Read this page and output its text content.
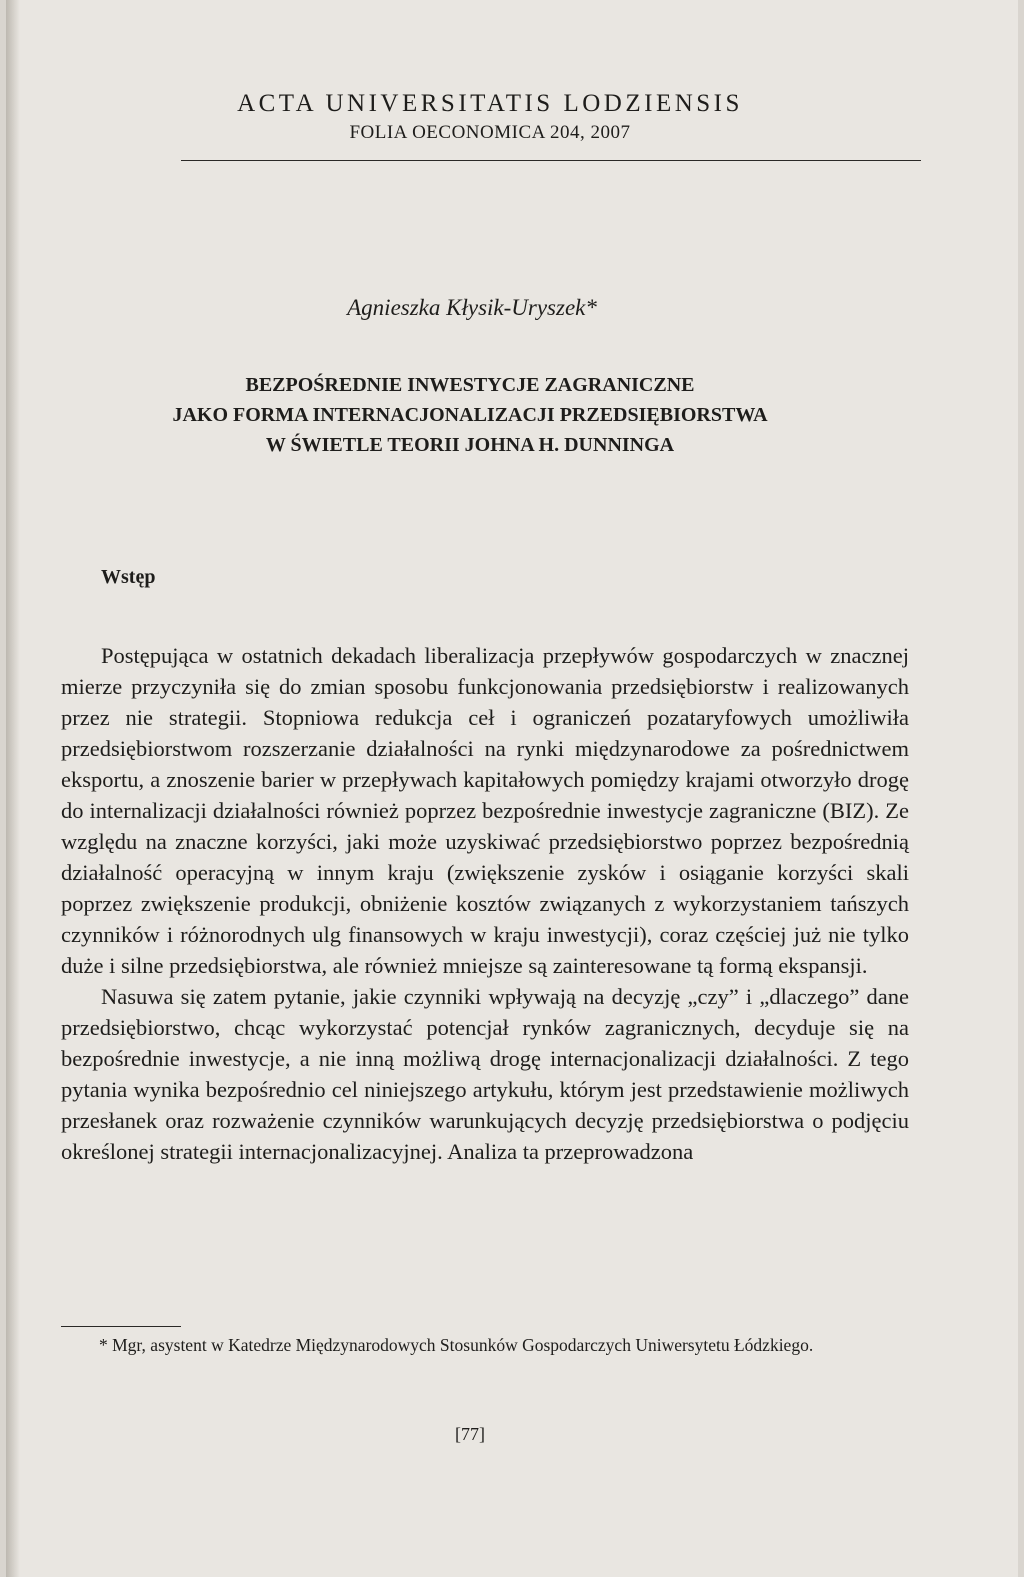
ACTA UNIVERSITATIS LODZIENSIS
FOLIA OECONOMICA 204, 2007
Agnieszka Kłysik-Uryszek*
BEZPOŚREDNIE INWESTYCJE ZAGRANICZNE
JAKO FORMA INTERNACJONALIZACJI PRZEDSIĘBIORSTWA
W ŚWIETLE TEORII JOHNA H. DUNNINGA
Wstęp

Postępująca w ostatnich dekadach liberalizacja przepływów gospodarczych w znacznej mierze przyczyniła się do zmian sposobu funkcjonowania przedsiębiorstw i realizowanych przez nie strategii. Stopniowa redukcja ceł i ograniczeń pozataryfowych umożliwiła przedsiębiorstwom rozszerzanie działalności na rynki międzynarodowe za pośrednictwem eksportu, a znoszenie barier w przepływach kapitałowych pomiędzy krajami otworzyło drogę do internalizacji działalności również poprzez bezpośrednie inwestycje zagraniczne (BIZ). Ze względu na znaczne korzyści, jaki może uzyskiwać przedsiębiorstwo poprzez bezpośrednią działalność operacyjną w innym kraju (zwiększenie zysków i osiąganie korzyści skali poprzez zwiększenie produkcji, obniżenie kosztów związanych z wykorzystaniem tańszych czynników i różnorodnych ulg finansowych w kraju inwestycji), coraz częściej już nie tylko duże i silne przedsiębiorstwa, ale również mniejsze są zainteresowane tą formą ekspansji.

Nasuwa się zatem pytanie, jakie czynniki wpływają na decyzję „czy” i „dlaczego” dane przedsiębiorstwo, chcąc wykorzystać potencjał rynków zagranicznych, decyduje się na bezpośrednie inwestycje, a nie inną możliwą drogę internacjonalizacji działalności. Z tego pytania wynika bezpośrednio cel niniejszego artykułu, którym jest przedstawienie możliwych przesłanek oraz rozważenie czynników warunkujących decyzję przedsiębiorstwa o podjęciu określonej strategii internacjonalizacyjnej. Analiza ta przeprowadzona

* Mgr, asystent w Katedrze Międzynarodowych Stosunków Gospodarczych Uniwersytetu Łódzkiego.

[77]
